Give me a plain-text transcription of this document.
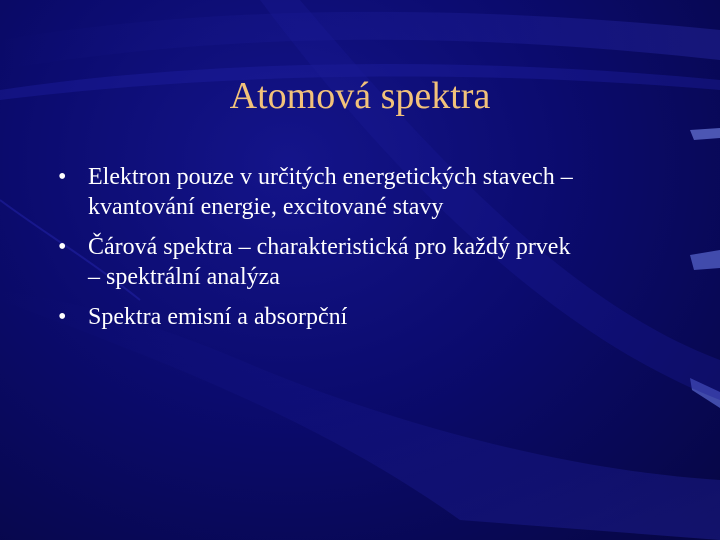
Atomová spektra
• Elektron pouze v určitých energetických stavech –
kvantování energie, excitované stavy
• Čárová spektra – charakteristická pro každý prvek
– spektrální analýza
• Spektra emisní a absorpční
